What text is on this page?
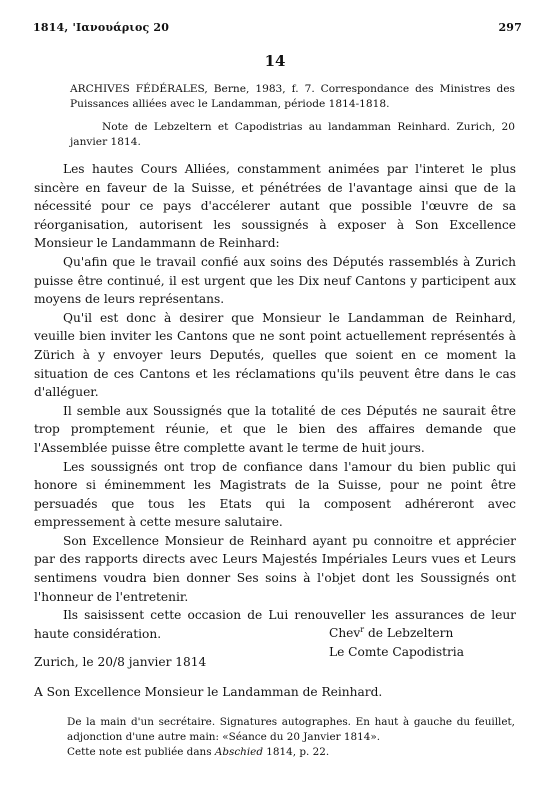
1814, 'Ιανουάριος 20	297
14

ARCHIVES FÉDÉRALES, Berne, 1983, f. 7. Correspondance des Ministres des Puissances alliées avec le Landamman, période 1814-1818.

Note de Lebzeltern et Capodistrias au landamman Reinhard. Zurich, 20 janvier 1814.

Les hautes Cours Alliées, constamment animées par l'interet le plus sincère en faveur de la Suisse, et pénétrées de l'avantage ainsi que de la nécessité pour ce pays d'accélerer autant que possible l'œuvre de sa réorganisation, autorisent les soussignés à exposer à Son Excellence Monsieur le Landammann de Reinhard:

Qu'afin que le travail confié aux soins des Députés rassemblés à Zurich puisse être continué, il est urgent que les Dix neuf Cantons y participent aux moyens de leurs représentans.

Qu'il est donc à desirer que Monsieur le Landamman de Reinhard, veuille bien inviter les Cantons que ne sont point actuellement représentés à Zürich à y envoyer leurs Deputés, quelles que soient en ce moment la situation de ces Cantons et les réclamations qu'ils peuvent être dans le cas d'alléguer.

Il semble aux Soussignés que la totalité de ces Députés ne saurait être trop promptement réunie, et que le bien des affaires demande que l'Assemblée puisse être complette avant le terme de huit jours.

Les soussignés ont trop de confiance dans l'amour du bien public qui honore si éminemment les Magistrats de la Suisse, pour ne point être persuadés que tous les Etats qui la composent adhéreront avec empressement à cette mesure salutaire.

Son Excellence Monsieur de Reinhard ayant pu connoitre et apprécier par des rapports directs avec Leurs Majestés Impériales Leurs vues et Leurs sentimens voudra bien donner Ses soins à l'objet dont les Soussignés ont l'honneur de l'entretenir.

Ils saisissent cette occasion de Lui renouveller les assurances de leur haute considération.	Chev$^r$ de Lebzeltern
Le Comte Capodistria
Zurich, le 20/8 janvier 1814
A Son Excellence Monsieur le Landamman de Reinhard.

De la main d'un secrétaire. Signatures autographes. En haut à gauche du feuillet, adjonction d'une autre main: «Séance du 20 Janvier 1814».

Cette note est publiée dans Abschied 1814, p. 22.
